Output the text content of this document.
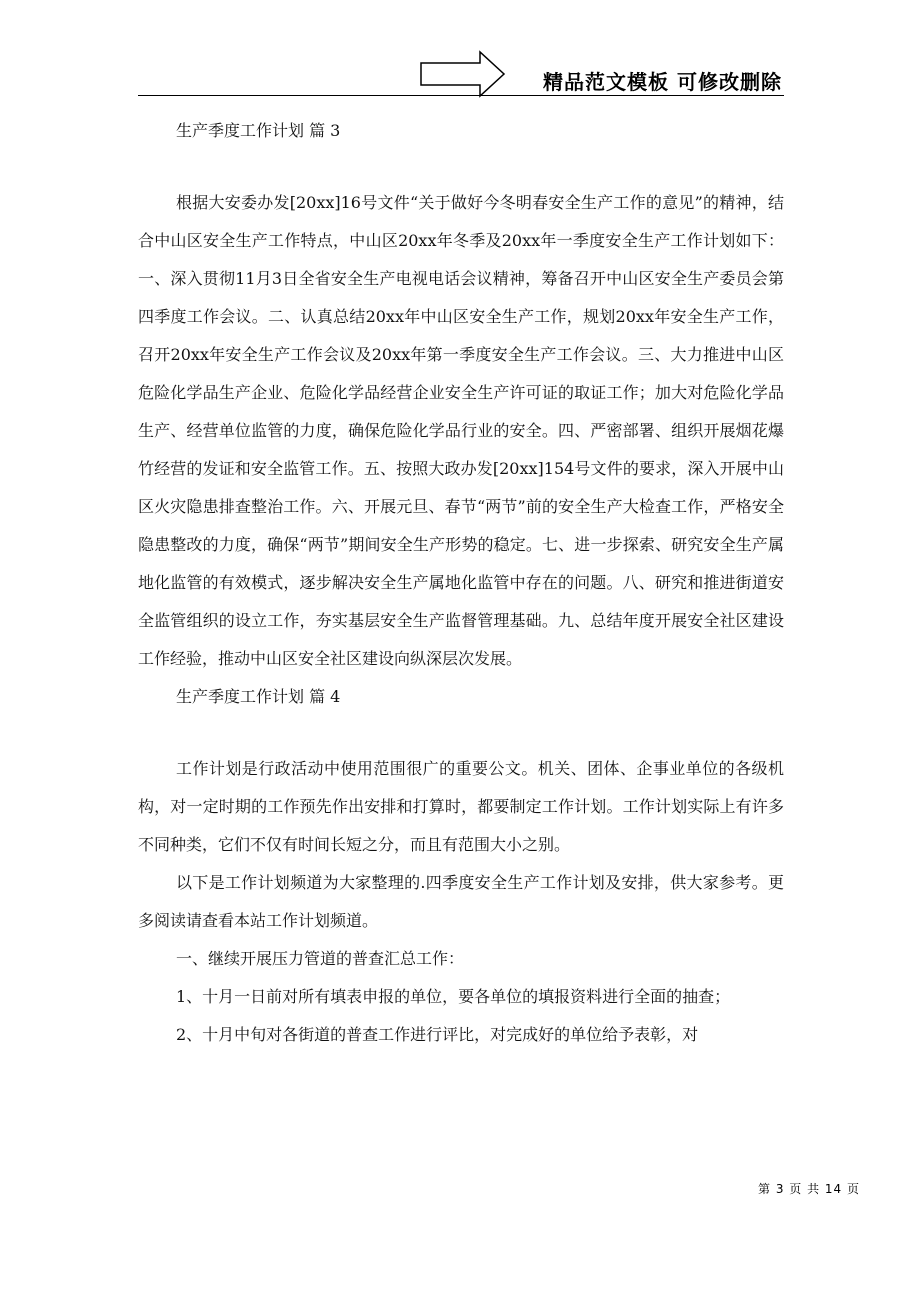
精品范文模板 可修改删除
生产季度工作计划 篇 3

根据大安委办发[20xx]16号文件“关于做好今冬明春安全生产工作的意见”的精神，结合中山区安全生产工作特点，中山区20xx年冬季及20xx年一季度安全生产工作计划如下：一、深入贯彻11月3日全省安全生产电视电话会议精神，筹备召开中山区安全生产委员会第四季度工作会议。二、认真总结20xx年中山区安全生产工作，规划20xx年安全生产工作，召开20xx年安全生产工作会议及20xx年第一季度安全生产工作会议。三、大力推进中山区危险化学品生产企业、危险化学品经营企业安全生产许可证的取证工作；加大对危险化学品生产、经营单位监管的力度，确保危险化学品行业的安全。四、严密部署、组织开展烟花爆竹经营的发证和安全监管工作。五、按照大政办发[20xx]154号文件的要求，深入开展中山区火灾隐患排查整治工作。六、开展元旦、春节“两节”前的安全生产大检查工作，严格安全隐患整改的力度，确保“两节”期间安全生产形势的稳定。七、进一步探索、研究安全生产属地化监管的有效模式，逐步解决安全生产属地化监管中存在的问题。八、研究和推进街道安全监管组织的设立工作，夯实基层安全生产监督管理基础。九、总结年度开展安全社区建设工作经验，推动中山区安全社区建设向纵深层次发展。

生产季度工作计划 篇 4

工作计划是行政活动中使用范围很广的重要公文。机关、团体、企事业单位的各级机构，对一定时期的工作预先作出安排和打算时，都要制定工作计划。工作计划实际上有许多不同种类，它们不仅有时间长短之分，而且有范围大小之别。

以下是工作计划频道为大家整理的.四季度安全生产工作计划及安排，供大家参考。更多阅读请查看本站工作计划频道。

一、继续开展压力管道的普查汇总工作：

1、十月一日前对所有填表申报的单位，要各单位的填报资料进行全面的抽查；

2、十月中旬对各街道的普查工作进行评比，对完成好的单位给予表彰，对

第 3 页 共 14 页
